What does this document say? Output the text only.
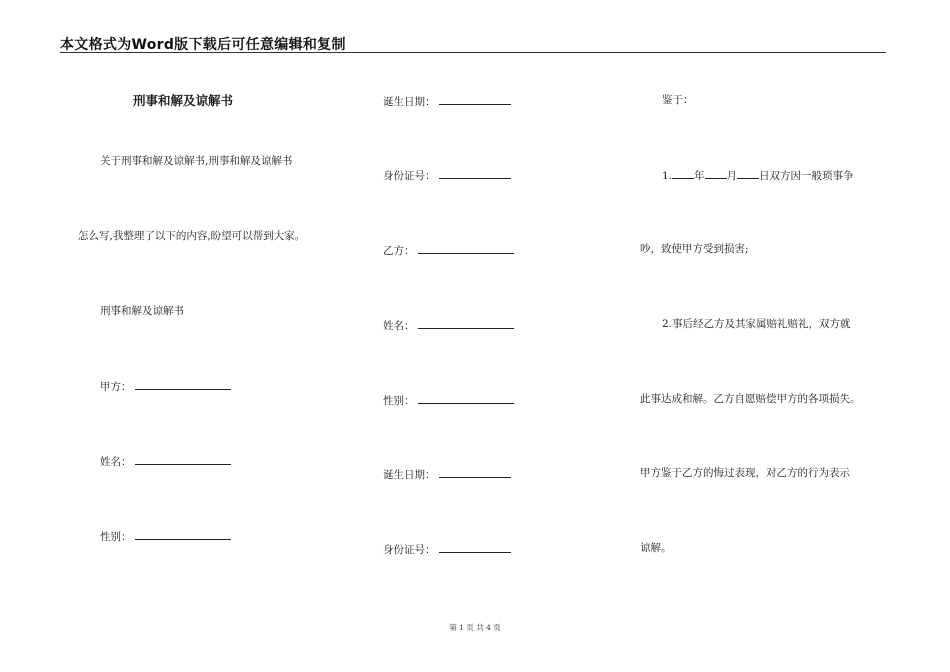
本文格式为Word版下载后可任意编辑和复制
刑事和解及谅解书
关于刑事和解及谅解书,刑事和解及谅解书
怎么写,我整理了以下的内容,盼望可以帮到大家。
刑事和解及谅解书
甲方：
姓名：
性别：
诞生日期：
身份证号：
乙方：
姓名：
性别：
诞生日期：
身份证号：
鉴于：
1. 年 月 日双方因一般琐事争
吵，致使甲方受到损害;
2.事后经乙方及其家属赔礼赔礼，双方就
此事达成和解。乙方自愿赔偿甲方的各项损失。
甲方鉴于乙方的悔过表现，对乙方的行为表示
谅解。
第 1 页 共 4 页
